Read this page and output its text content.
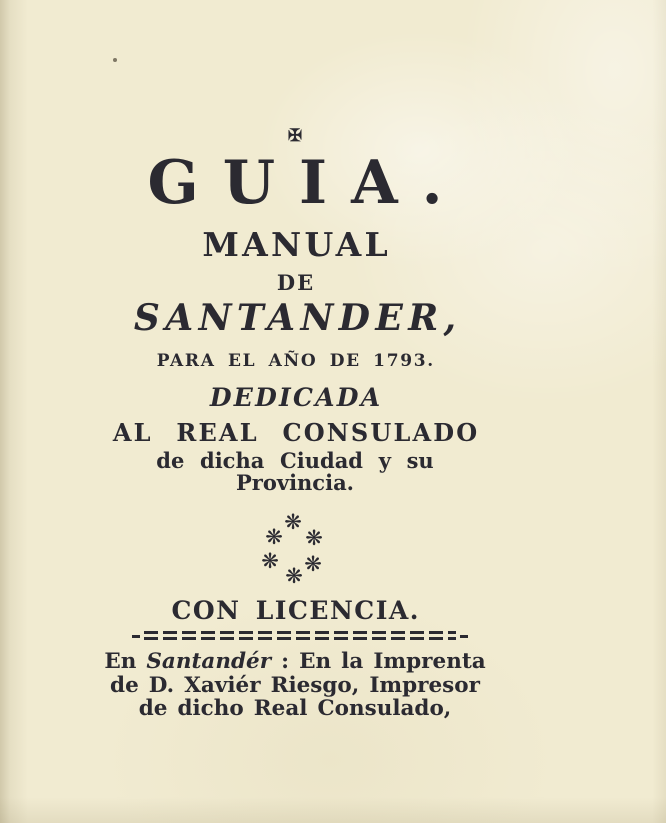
✠
GUIA.
MANUAL
DE
SANTANDER,
PARA EL AÑO DE 1793.
DEDICADA
AL REAL CONSULADO
de dicha Ciudad y su
Provincia.
CON LICENCIA.
En Santandér : En la Imprenta
de D. Xaviér Riesgo, Impresor
de dicho Real Consulado,
❋
❋ ❋
❋ ❋
❋
